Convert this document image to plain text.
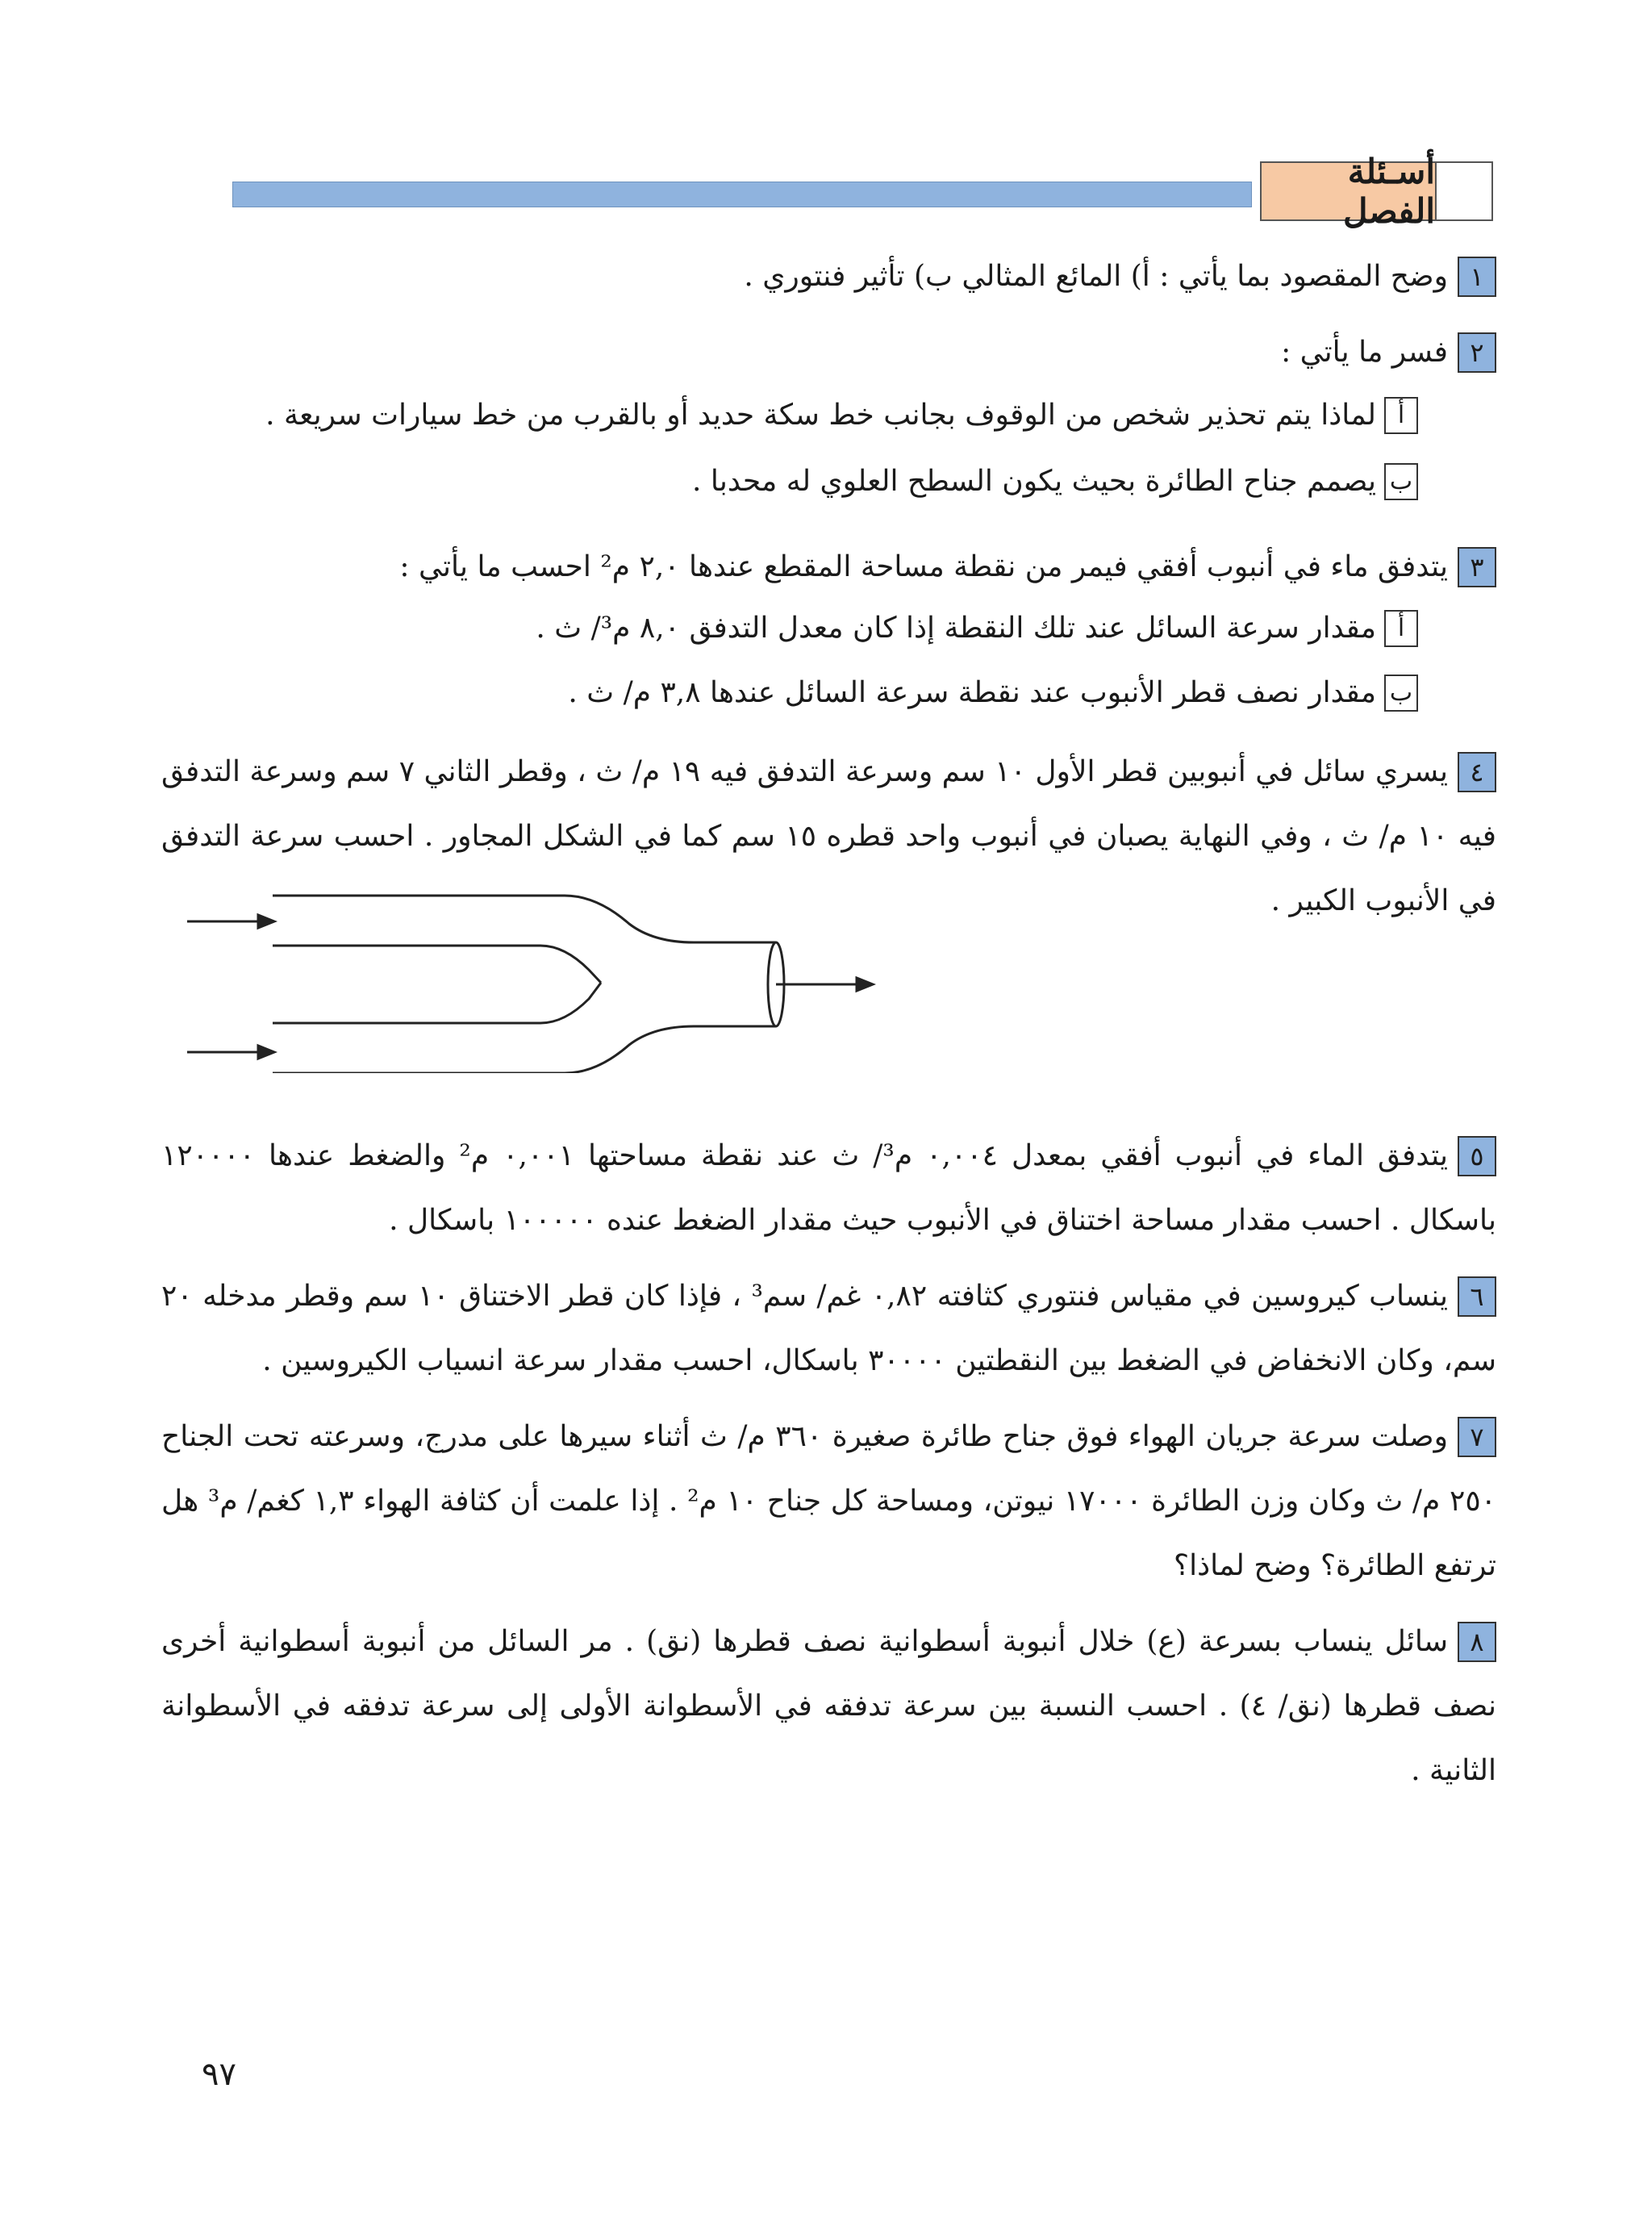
أسـئلة الفصل
١وضح المقصود بما يأتي : أ) المائع المثالي ب) تأثير فنتوري .
٢فسر ما يأتي :
ألماذا يتم تحذير شخص من الوقوف بجانب خط سكة حديد أو بالقرب من خط سيارات سريعة .
بيصمم جناح الطائرة بحيث يكون السطح العلوي له محدبا .
٣يتدفق ماء في أنبوب أفقي فيمر من نقطة مساحة المقطع عندها ٢,٠ م² احسب ما يأتي :
أمقدار سرعة السائل عند تلك النقطة إذا كان معدل التدفق ٨,٠ م³/ ث .
بمقدار نصف قطر الأنبوب عند نقطة سرعة السائل عندها ٣,٨ م/ ث .
٤يسري سائل في أنبوبين قطر الأول ١٠ سم وسرعة التدفق فيه ١٩ م/ ث ، وقطر الثاني ٧ سم وسرعة التدفق فيه ١٠ م/ ث ، وفي النهاية يصبان في أنبوب واحد قطره ١٥ سم كما في الشكل المجاور . احسب سرعة التدفق في الأنبوب الكبير .
٥يتدفق الماء في أنبوب أفقي بمعدل ٠,٠٠٤ م³/ ث عند نقطة مساحتها ٠,٠٠١ م² والضغط عندها ١٢٠٠٠٠ باسكال . احسب مقدار مساحة اختناق في الأنبوب حيث مقدار الضغط عنده ١٠٠٠٠٠ باسكال .
٦ينساب كيروسين في مقياس فنتوري كثافته ٠,٨٢ غم/ سم³ ، فإذا كان قطر الاختناق ١٠ سم وقطر مدخله ٢٠ سم، وكان الانخفاض في الضغط بين النقطتين ٣٠٠٠٠ باسكال، احسب مقدار سرعة انسياب الكيروسين .
٧وصلت سرعة جريان الهواء فوق جناح طائرة صغيرة ٣٦٠ م/ ث أثناء سيرها على مدرج، وسرعته تحت الجناح ٢٥٠ م/ ث وكان وزن الطائرة ١٧٠٠٠ نيوتن، ومساحة كل جناح ١٠ م² . إذا علمت أن كثافة الهواء ١,٣ كغم/ م³ هل ترتفع الطائرة؟ وضح لماذا؟
٨سائل ينساب بسرعة (ع) خلال أنبوبة أسطوانية نصف قطرها (نق) . مر السائل من أنبوبة أسطوانية أخرى نصف قطرها (نق/ ٤) . احسب النسبة بين سرعة تدفقه في الأسطوانة الأولى إلى سرعة تدفقه في الأسطوانة الثانية .
٩٧
